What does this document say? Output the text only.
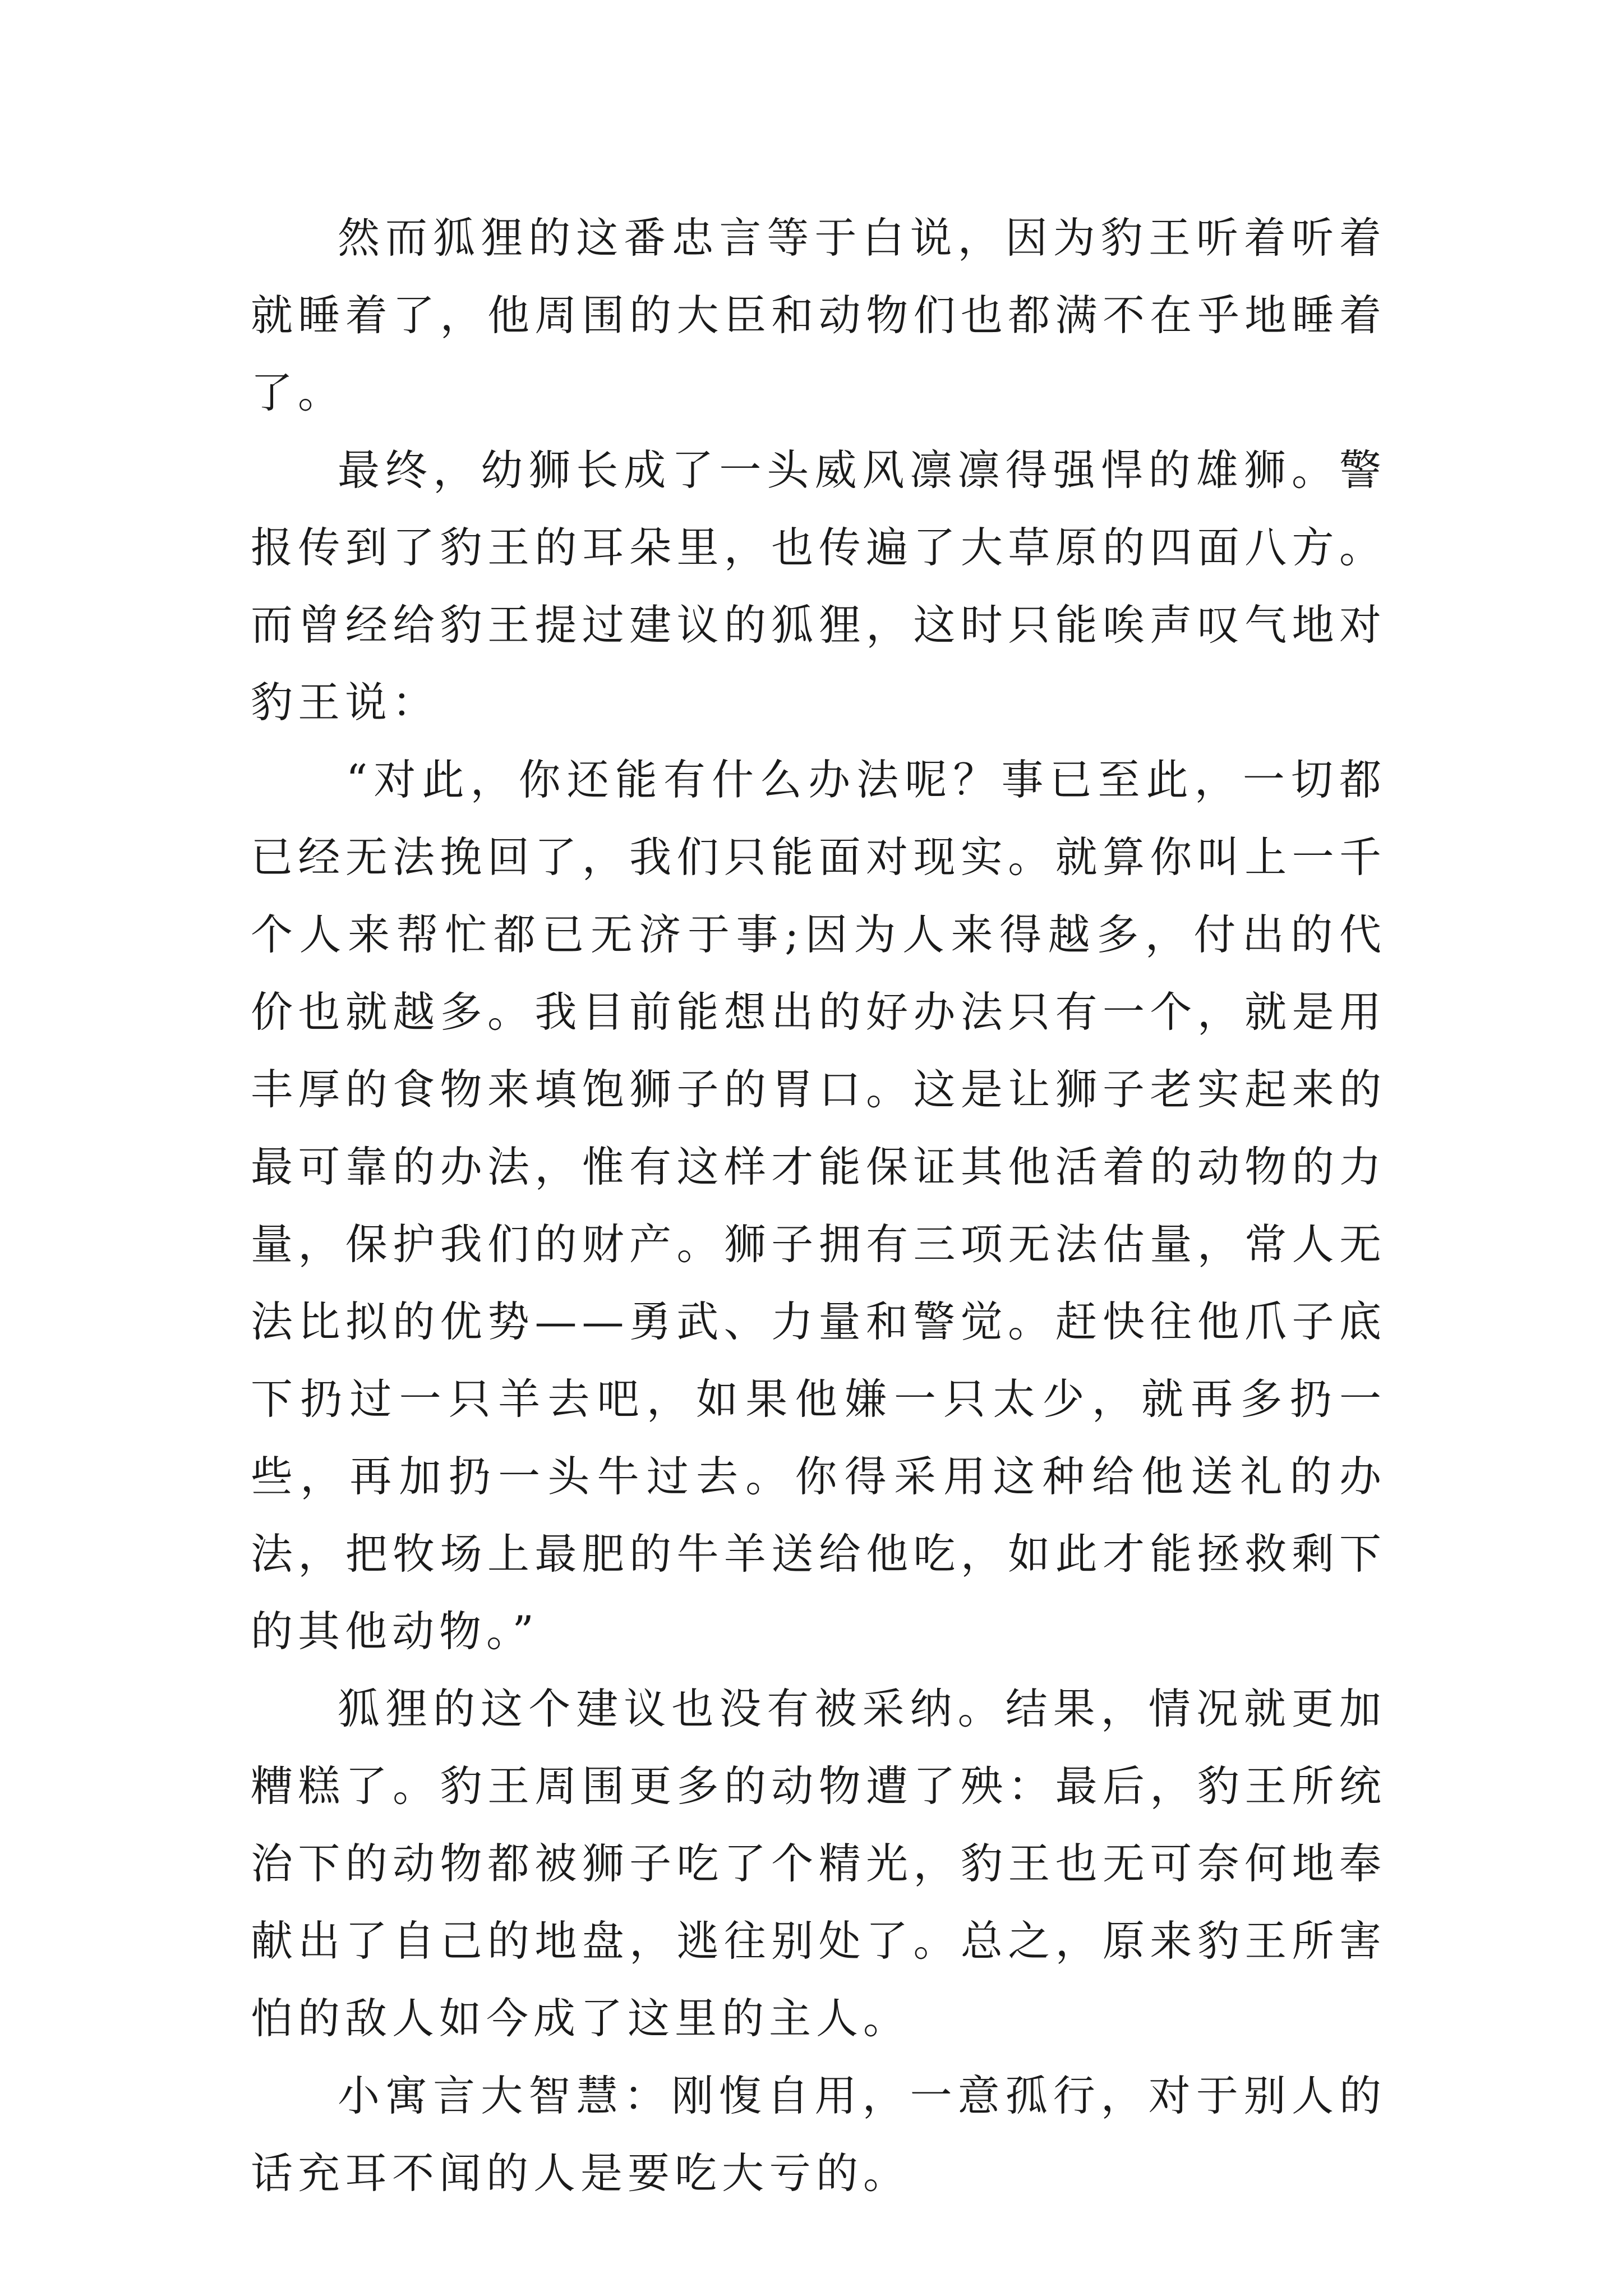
然而狐狸的这番忠言等于白说，因为豹王听着听着就睡着了，他周围的大臣和动物们也都满不在乎地睡着了。

最终，幼狮长成了一头威风凛凛得强悍的雄狮。警报传到了豹王的耳朵里，也传遍了大草原的四面八方。而曾经给豹王提过建议的狐狸，这时只能唉声叹气地对豹王说：

“对此，你还能有什么办法呢？事已至此，一切都已经无法挽回了，我们只能面对现实。就算你叫上一千个人来帮忙都已无济于事;因为人来得越多，付出的代价也就越多。我目前能想出的好办法只有一个，就是用丰厚的食物来填饱狮子的胃口。这是让狮子老实起来的最可靠的办法，惟有这样才能保证其他活着的动物的力量，保护我们的财产。狮子拥有三项无法估量，常人无法比拟的优势——勇武、力量和警觉。赶快往他爪子底下扔过一只羊去吧，如果他嫌一只太少，就再多扔一些，再加扔一头牛过去。你得采用这种给他送礼的办法，把牧场上最肥的牛羊送给他吃，如此才能拯救剩下的其他动物。”

狐狸的这个建议也没有被采纳。结果，情况就更加糟糕了。豹王周围更多的动物遭了殃：最后，豹王所统治下的动物都被狮子吃了个精光，豹王也无可奈何地奉献出了自己的地盘，逃往别处了。总之，原来豹王所害怕的敌人如今成了这里的主人。

小寓言大智慧：刚愎自用，一意孤行，对于别人的话充耳不闻的人是要吃大亏的。
